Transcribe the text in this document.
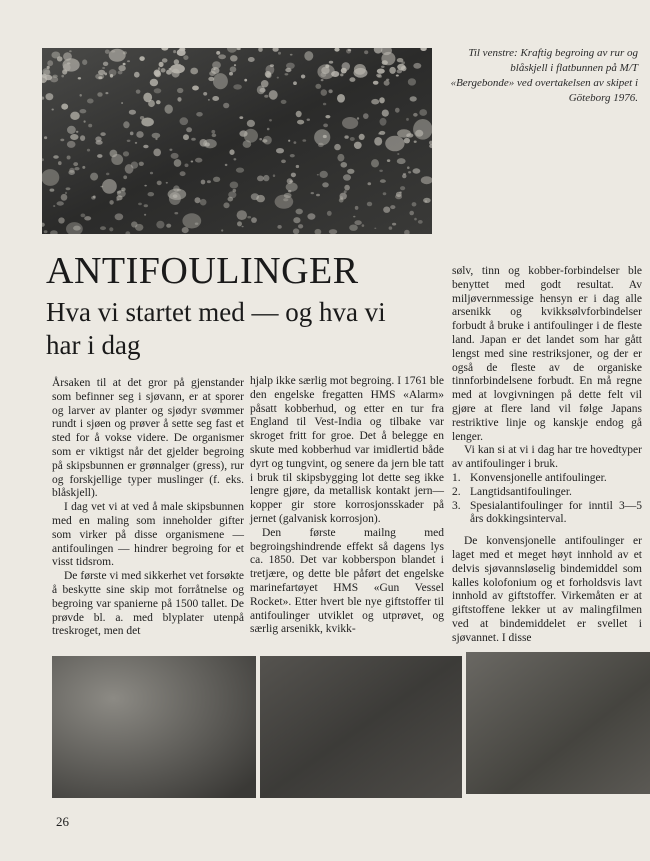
Til venstre: Kraftig begroing av rur og blåskjell i flatbunnen på M/T «Bergebonde» ved overtakelsen av skipet i Göteborg 1976.
ANTIFOULINGER
Hva vi startet med — og hva vi har i dag

Årsaken til at det gror på gjenstander som befinner seg i sjøvann, er at sporer og larver av planter og sjødyr svømmer rundt i sjøen og prøver å sette seg fast et sted for å vokse videre. De organismer som er viktigst når det gjelder begroing på skipsbunnen er grønnalger (gress), rur og forskjellige typer muslinger (f. eks. blåskjell).

I dag vet vi at ved å male skipsbunnen med en maling som inneholder gifter som virker på disse organismene — antifoulingen — hindrer begroing for et visst tidsrom.

De første vi med sikkerhet vet forsøkte å beskytte sine skip mot forråtnelse og begroing var spanierne på 1500 tallet. De prøvde bl. a. med blyplater utenpå treskroget, men det

hjalp ikke særlig mot begroing. I 1761 ble den engelske fregatten HMS «Alarm» påsatt kobberhud, og etter en tur fra England til Vest-India og tilbake var skroget fritt for groe. Det å belegge en skute med kobberhud var imidlertid både dyrt og tungvint, og senere da jern ble tatt i bruk til skipsbygging lot dette seg ikke lengre gjøre, da metallisk kontakt jern—kopper gir store korrosjonsskader på jernet (galvanisk korrosjon).

Den første mailng med begroingshindrende effekt så dagens lys ca. 1850. Det var kobberspon blandet i tretjære, og dette ble påført det engelske marinefartøyet HMS «Gun Vessel Rocket». Etter hvert ble nye giftstoffer til antifoulinger utviklet og utprøvet, og særlig arsenikk, kvikk-

sølv, tinn og kobber-forbindelser ble benyttet med godt resultat. Av miljøvernmessige hensyn er i dag alle arsenikk og kvikksølvforbindelser forbudt å bruke i antifoulinger i de fleste land. Japan er det landet som har gått lengst med sine restriksjoner, og der er også de fleste av de organiske tinnforbindelsene forbudt. En må regne med at lovgivningen på dette felt vil gjøre at flere land vil følge Japans restriktive linje og kanskje endog gå lenger.

Vi kan si at vi i dag har tre hovedtyper av antifoulinger i bruk.

1. Konvensjonelle antifoulinger.
2. Langtidsantifoulinger.
3. Spesialantifoulinger for inntil 3—5 års dokkingsinterval.

De konvensjonelle antifoulinger er laget med et meget høyt innhold av et delvis sjøvannsløselig bindemiddel som kalles kolofonium og et forholdsvis lavt innhold av giftstoffer. Virkemåten er at giftstoffene lekker ut av malingfilmen ved at bindemiddelet er svellet i sjøvannet. I disse

26
